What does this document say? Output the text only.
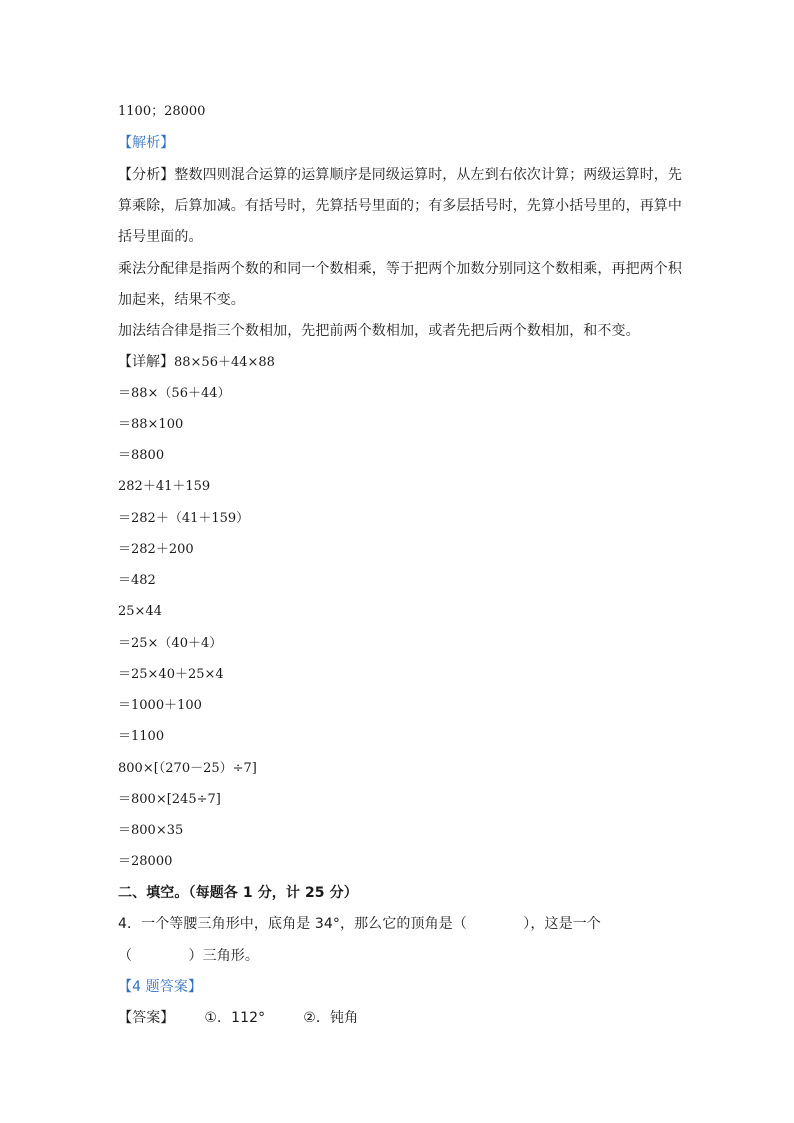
1100；28000
【解析】
【分析】整数四则混合运算的运算顺序是同级运算时，从左到右依次计算；两级运算时，先
算乘除，后算加减。有括号时，先算括号里面的；有多层括号时，先算小括号里的，再算中
括号里面的。
乘法分配律是指两个数的和同一个数相乘，等于把两个加数分别同这个数相乘，再把两个积
加起来，结果不变。
加法结合律是指三个数相加，先把前两个数相加，或者先把后两个数相加，和不变。
【详解】88×56＋44×88
＝88×（56＋44）
＝88×100
＝8800
282＋41＋159
＝282＋（41＋159）
＝282＋200
＝482
25×44
＝25×（40＋4）
＝25×40＋25×4
＝1000＋100
＝1100
800×[（270－25）÷7]
＝800×[245÷7]
＝800×35
＝28000
二、填空。（每题各 1 分，计 25 分）
4．一个等腰三角形中，底角是 34°，那么它的顶角是（　　　　），这是一个
（　　　　）三角形。
【4 题答案】
【答案】 ①．112°	②．钝角
